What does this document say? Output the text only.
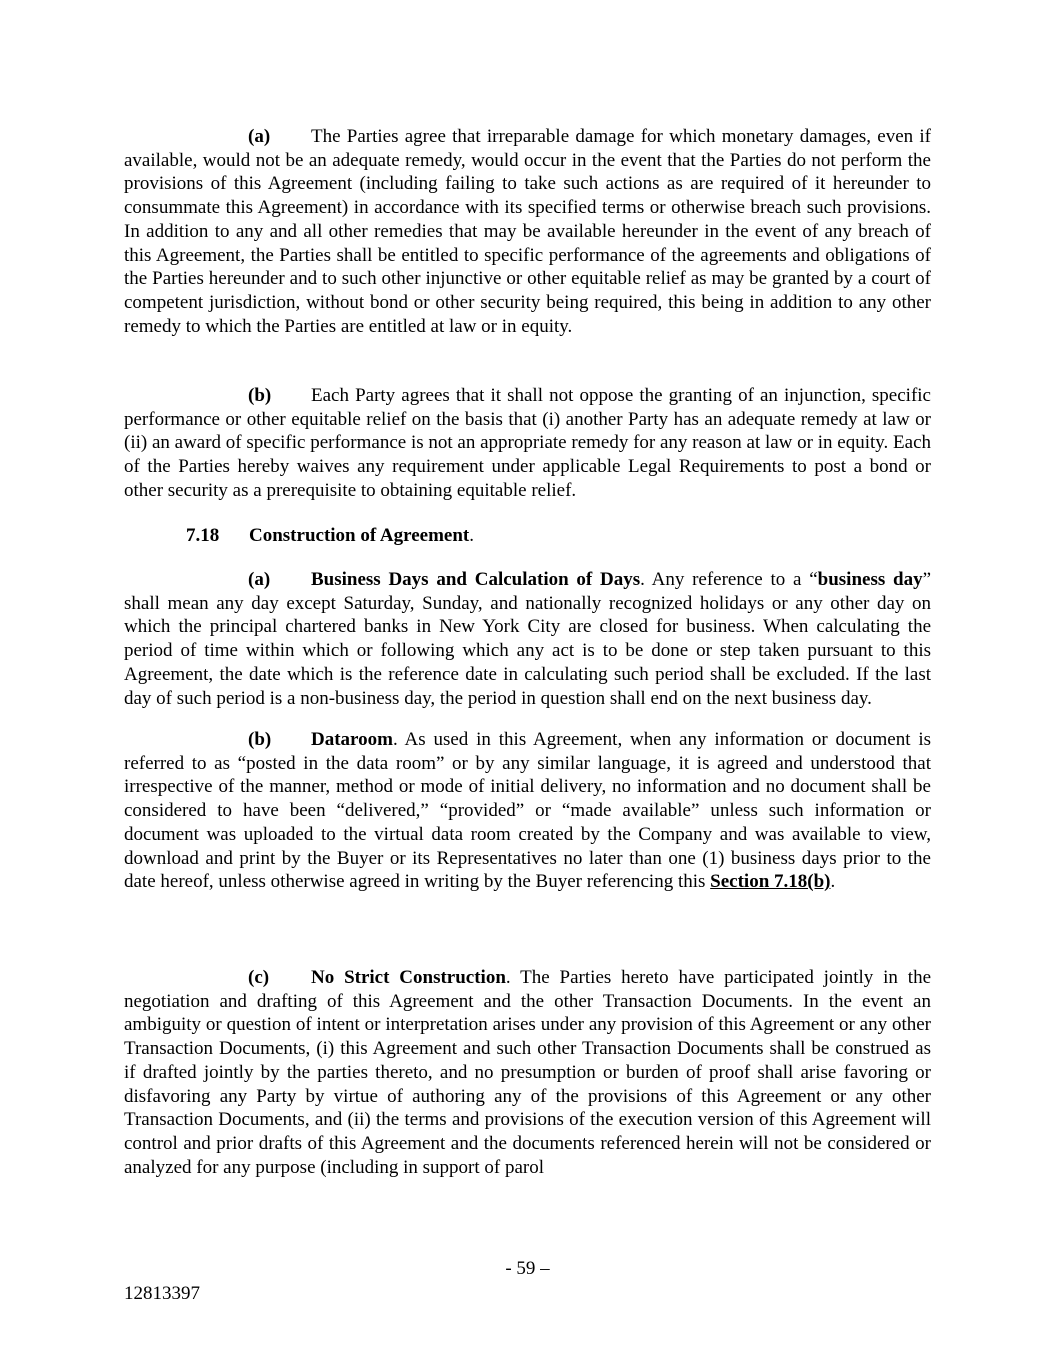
(a) The Parties agree that irreparable damage for which monetary damages, even if available, would not be an adequate remedy, would occur in the event that the Parties do not perform the provisions of this Agreement (including failing to take such actions as are required of it hereunder to consummate this Agreement) in accordance with its specified terms or otherwise breach such provisions. In addition to any and all other remedies that may be available hereunder in the event of any breach of this Agreement, the Parties shall be entitled to specific performance of the agreements and obligations of the Parties hereunder and to such other injunctive or other equitable relief as may be granted by a court of competent jurisdiction, without bond or other security being required, this being in addition to any other remedy to which the Parties are entitled at law or in equity.

(b) Each Party agrees that it shall not oppose the granting of an injunction, specific performance or other equitable relief on the basis that (i) another Party has an adequate remedy at law or (ii) an award of specific performance is not an appropriate remedy for any reason at law or in equity. Each of the Parties hereby waives any requirement under applicable Legal Requirements to post a bond or other security as a prerequisite to obtaining equitable relief.

7.18 Construction of Agreement.

(a) Business Days and Calculation of Days. Any reference to a “business day” shall mean any day except Saturday, Sunday, and nationally recognized holidays or any other day on which the principal chartered banks in New York City are closed for business. When calculating the period of time within which or following which any act is to be done or step taken pursuant to this Agreement, the date which is the reference date in calculating such period shall be excluded. If the last day of such period is a non-business day, the period in question shall end on the next business day.

(b) Dataroom. As used in this Agreement, when any information or document is referred to as “posted in the data room” or by any similar language, it is agreed and understood that irrespective of the manner, method or mode of initial delivery, no information and no document shall be considered to have been “delivered,” “provided” or “made available” unless such information or document was uploaded to the virtual data room created by the Company and was available to view, download and print by the Buyer or its Representatives no later than one (1) business days prior to the date hereof, unless otherwise agreed in writing by the Buyer referencing this Section 7.18(b).

(c) No Strict Construction. The Parties hereto have participated jointly in the negotiation and drafting of this Agreement and the other Transaction Documents. In the event an ambiguity or question of intent or interpretation arises under any provision of this Agreement or any other Transaction Documents, (i) this Agreement and such other Transaction Documents shall be construed as if drafted jointly by the parties thereto, and no presumption or burden of proof shall arise favoring or disfavoring any Party by virtue of authoring any of the provisions of this Agreement or any other Transaction Documents, and (ii) the terms and provisions of the execution version of this Agreement will control and prior drafts of this Agreement and the documents referenced herein will not be considered or analyzed for any purpose (including in support of parol

- 59 –

12813397
